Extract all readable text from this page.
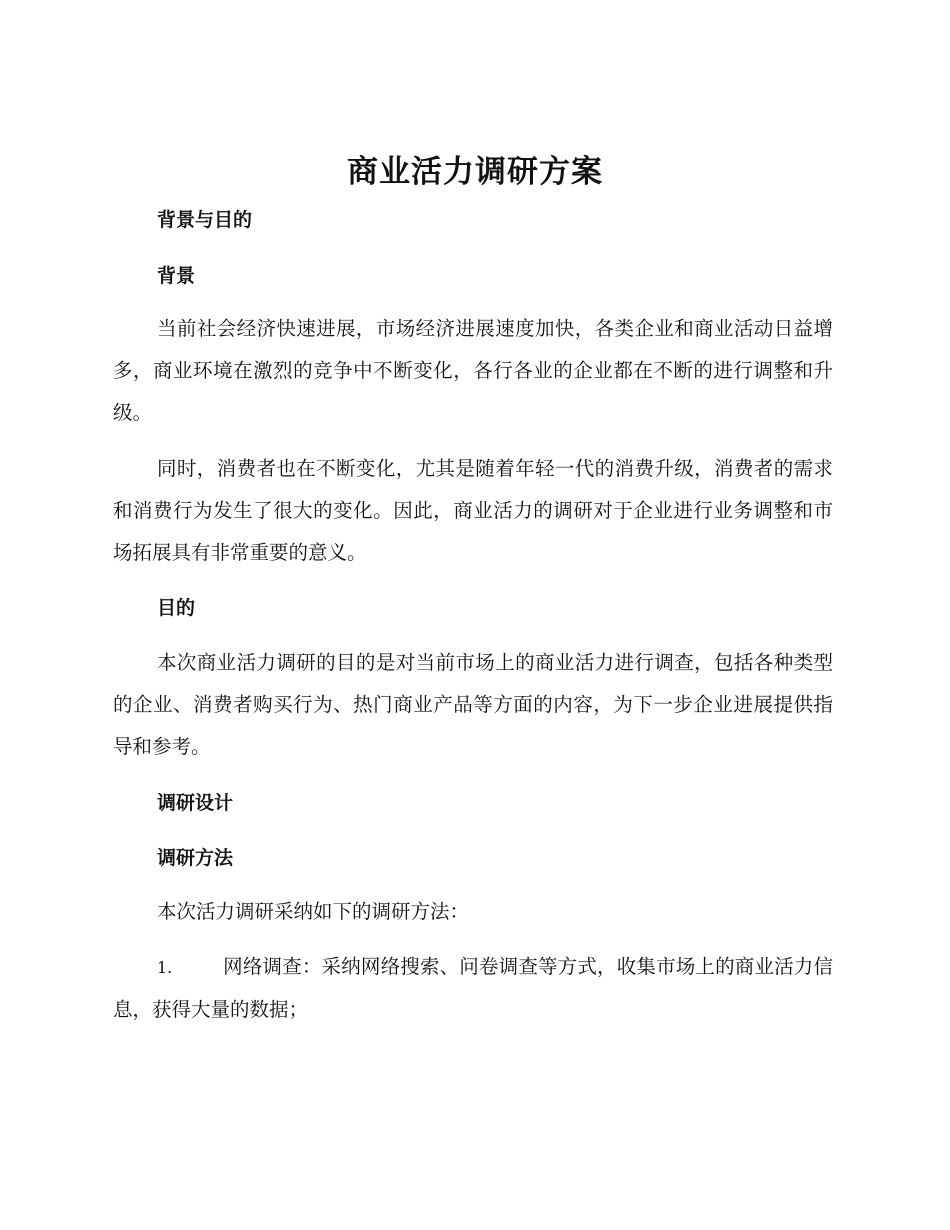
商业活力调研方案
背景与目的
背景
当前社会经济快速进展，市场经济进展速度加快，各类企业和商业活动日益增多，商业环境在激烈的竞争中不断变化，各行各业的企业都在不断的进行调整和升级。
同时，消费者也在不断变化，尤其是随着年轻一代的消费升级，消费者的需求和消费行为发生了很大的变化。因此，商业活力的调研对于企业进行业务调整和市场拓展具有非常重要的意义。
目的
本次商业活力调研的目的是对当前市场上的商业活力进行调查，包括各种类型的企业、消费者购买行为、热门商业产品等方面的内容，为下一步企业进展提供指导和参考。
调研设计
调研方法
本次活力调研采纳如下的调研方法：
1.	网络调查：采纳网络搜索、问卷调查等方式，收集市场上的商业活力信息，获得大量的数据；
